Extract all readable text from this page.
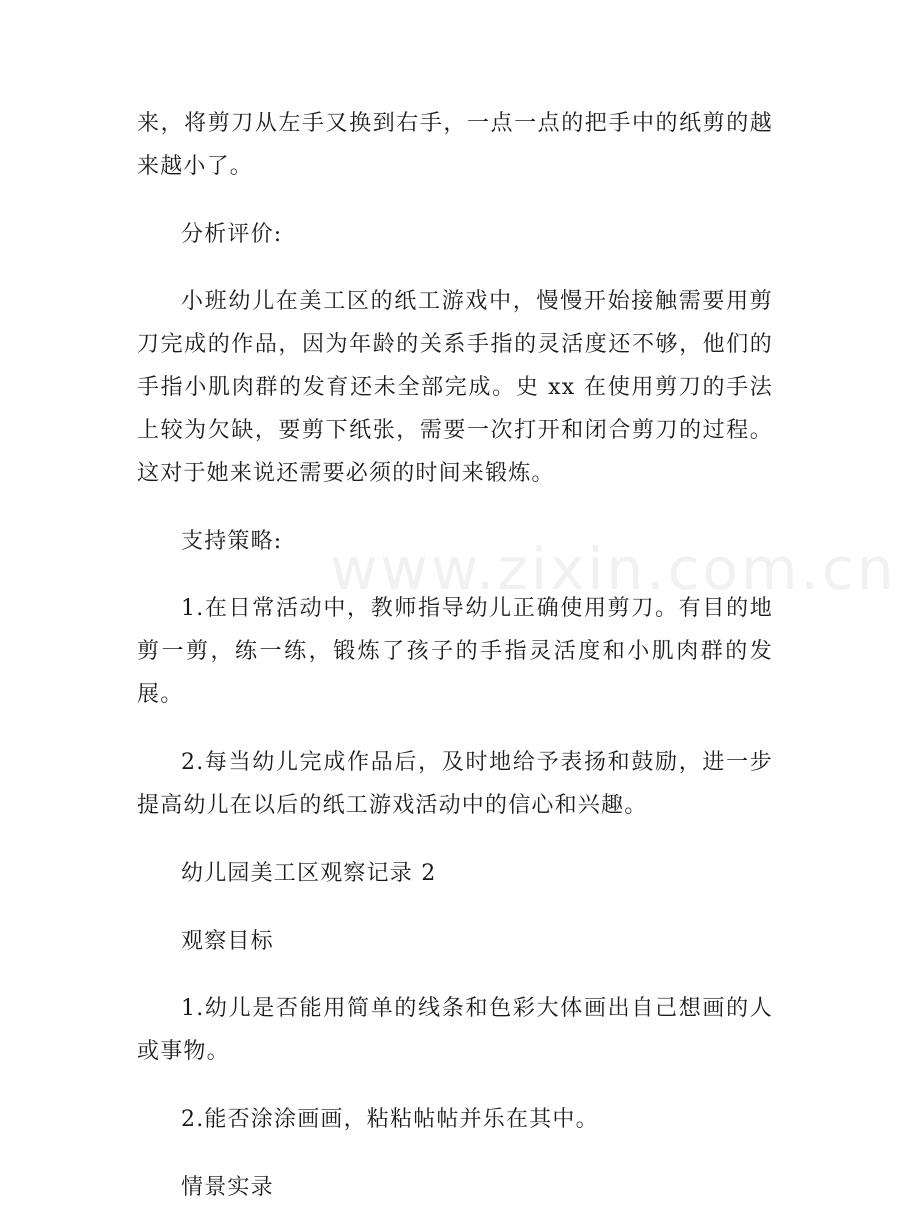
www.zixin.com.cn

来，将剪刀从左手又换到右手，一点一点的把手中的纸剪的越来越小了。

分析评价:

小班幼儿在美工区的纸工游戏中，慢慢开始接触需要用剪刀完成的作品，因为年龄的关系手指的灵活度还不够，他们的手指小肌肉群的发育还未全部完成。史 xx 在使用剪刀的手法上较为欠缺，要剪下纸张，需要一次打开和闭合剪刀的过程。这对于她来说还需要必须的时间来锻炼。

支持策略:

1.在日常活动中，教师指导幼儿正确使用剪刀。有目的地剪一剪，练一练，锻炼了孩子的手指灵活度和小肌肉群的发展。

2.每当幼儿完成作品后，及时地给予表扬和鼓励，进一步提高幼儿在以后的纸工游戏活动中的信心和兴趣。

幼儿园美工区观察记录 2

观察目标

1.幼儿是否能用简单的线条和色彩大体画出自己想画的人或事物。

2.能否涂涂画画，粘粘帖帖并乐在其中。

情景实录
